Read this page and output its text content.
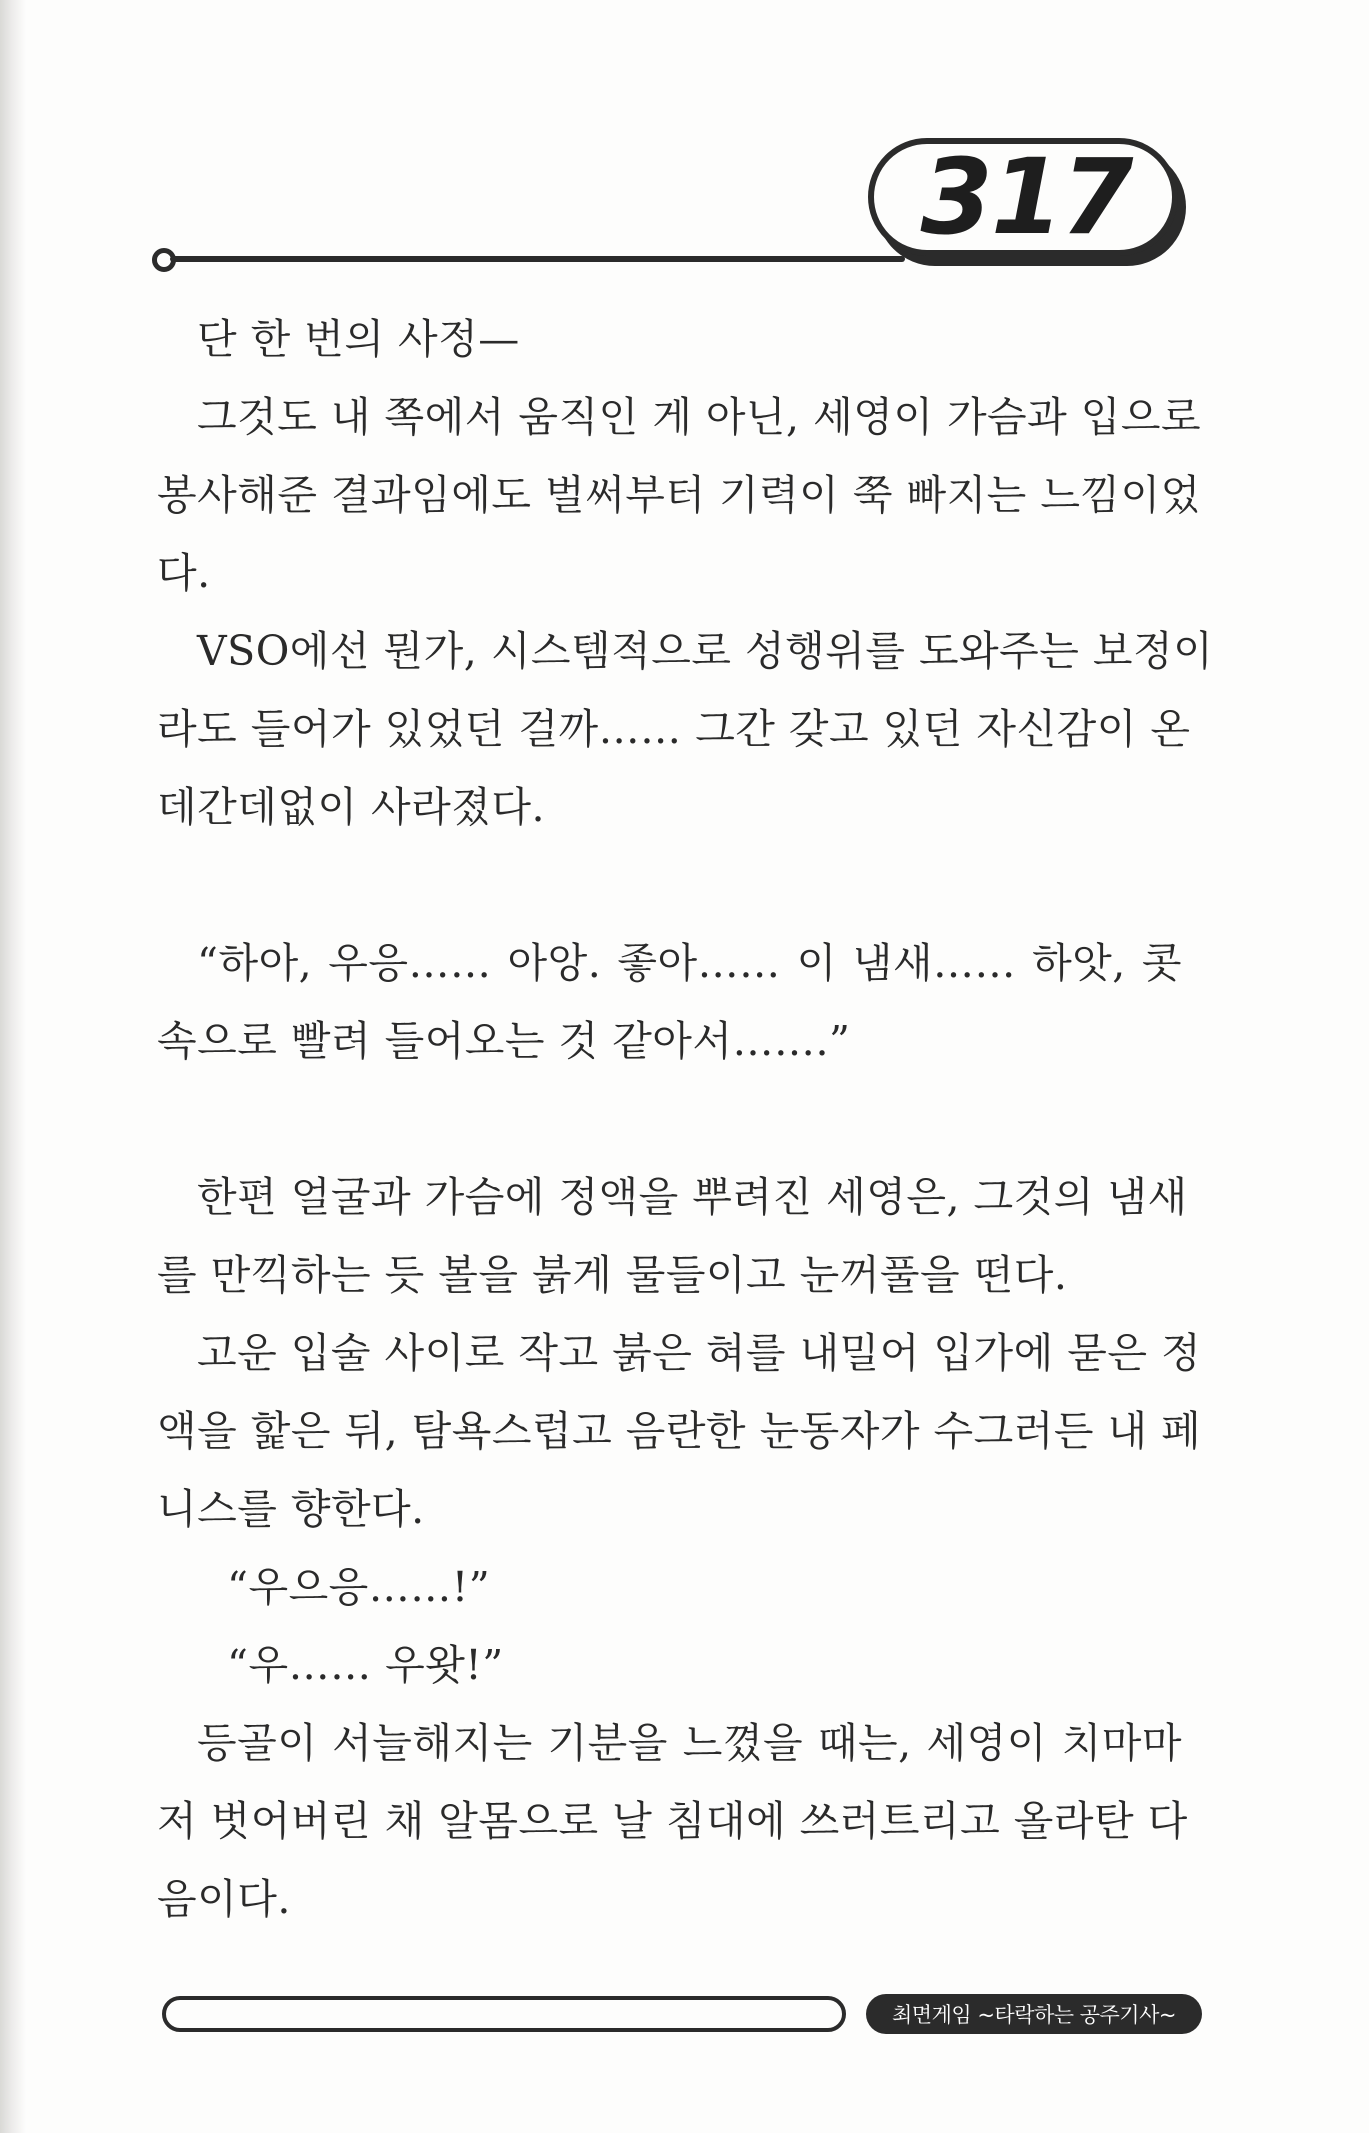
317
단 한 번의 사정—
그것도 내 쪽에서 움직인 게 아닌, 세영이 가슴과 입으로
봉사해준 결과임에도 벌써부터 기력이 쭉 빠지는 느낌이었
다.
VSO에선 뭔가, 시스템적으로 성행위를 도와주는 보정이
라도 들어가 있었던 걸까…… 그간 갖고 있던 자신감이 온
데간데없이 사라졌다.
“하아, 우응…… 아앙. 좋아…… 이 냄새…… 하앗, 콧
속으로 빨려 들어오는 것 같아서…….”
한편 얼굴과 가슴에 정액을 뿌려진 세영은, 그것의 냄새
를 만끽하는 듯 볼을 붉게 물들이고 눈꺼풀을 떤다.
고운 입술 사이로 작고 붉은 혀를 내밀어 입가에 묻은 정
액을 핥은 뒤, 탐욕스럽고 음란한 눈동자가 수그러든 내 페
니스를 향한다.
“우으응……!”
“우…… 우왓!”
등골이 서늘해지는 기분을 느꼈을 때는, 세영이 치마마
저 벗어버린 채 알몸으로 날 침대에 쓰러트리고 올라탄 다
음이다.
최면게임 ~타락하는 공주기사~
